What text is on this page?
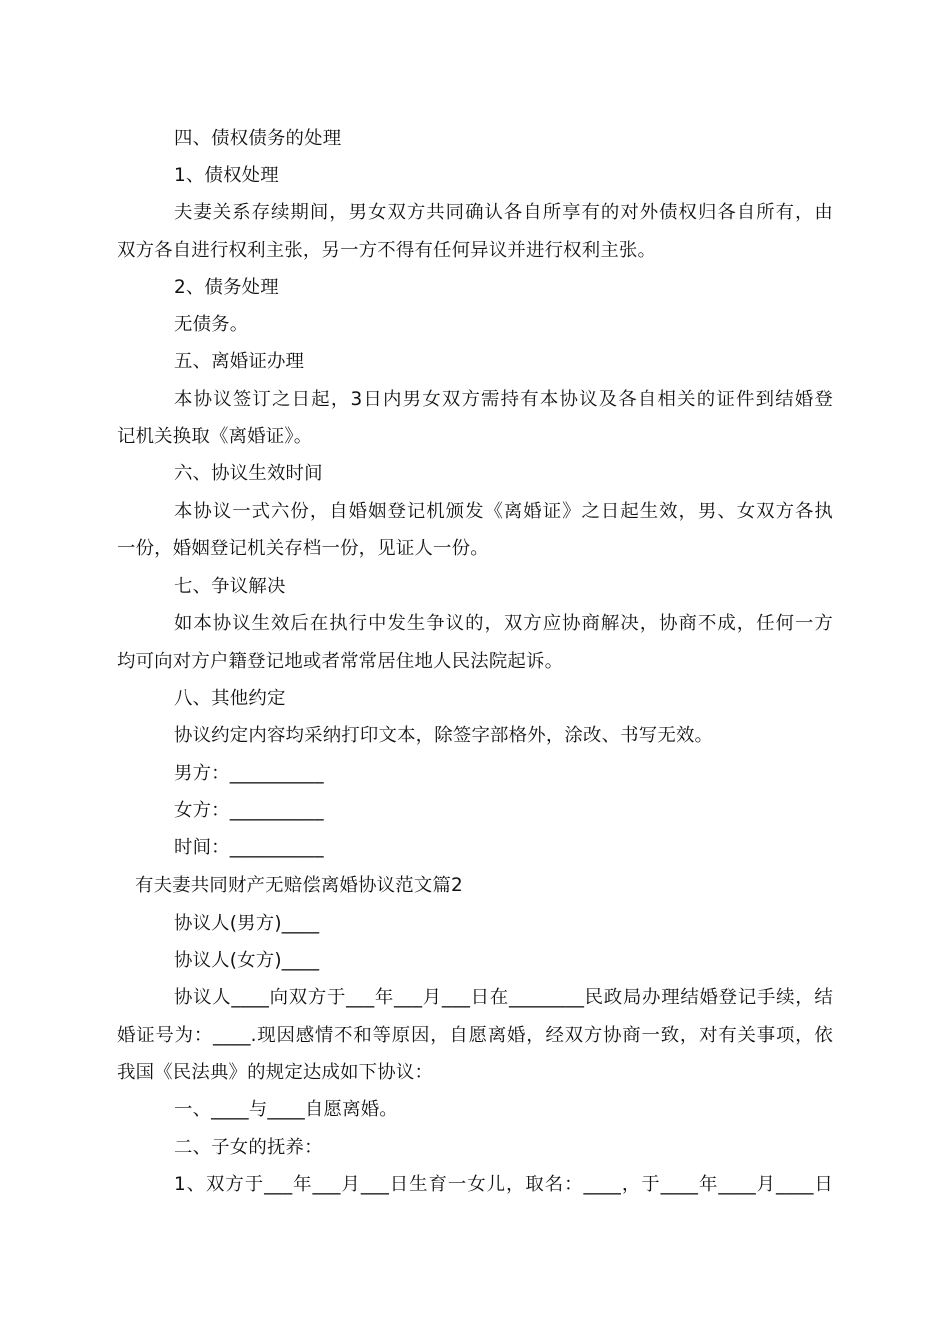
四、债权债务的处理
1、债权处理
夫妻关系存续期间，男女双方共同确认各自所享有的对外债权归各自所有，由
双方各自进行权利主张，另一方不得有任何异议并进行权利主张。
2、债务处理
无债务。
五、离婚证办理
本协议签订之日起，3日内男女双方需持有本协议及各自相关的证件到结婚登
记机关换取《离婚证》。
六、协议生效时间
本协议一式六份，自婚姻登记机颁发《离婚证》之日起生效，男、女双方各执
一份，婚姻登记机关存档一份，见证人一份。
七、争议解决
如本协议生效后在执行中发生争议的，双方应协商解决，协商不成，任何一方
均可向对方户籍登记地或者常常居住地人民法院起诉。
八、其他约定
协议约定内容均采纳打印文本，除签字部格外，涂改、书写无效。
男方：__________
女方：__________
时间：__________
有夫妻共同财产无赔偿离婚协议范文篇2
协议人(男方)____
协议人(女方)____
协议人____向双方于___年___月___日在________民政局办理结婚登记手续，结
婚证号为：____.现因感情不和等原因，自愿离婚，经双方协商一致，对有关事项，依
我国《民法典》的规定达成如下协议：
一、____与____自愿离婚。
二、子女的抚养：
1、双方于___年___月___日生育一女儿，取名：____，于____年____月____日
